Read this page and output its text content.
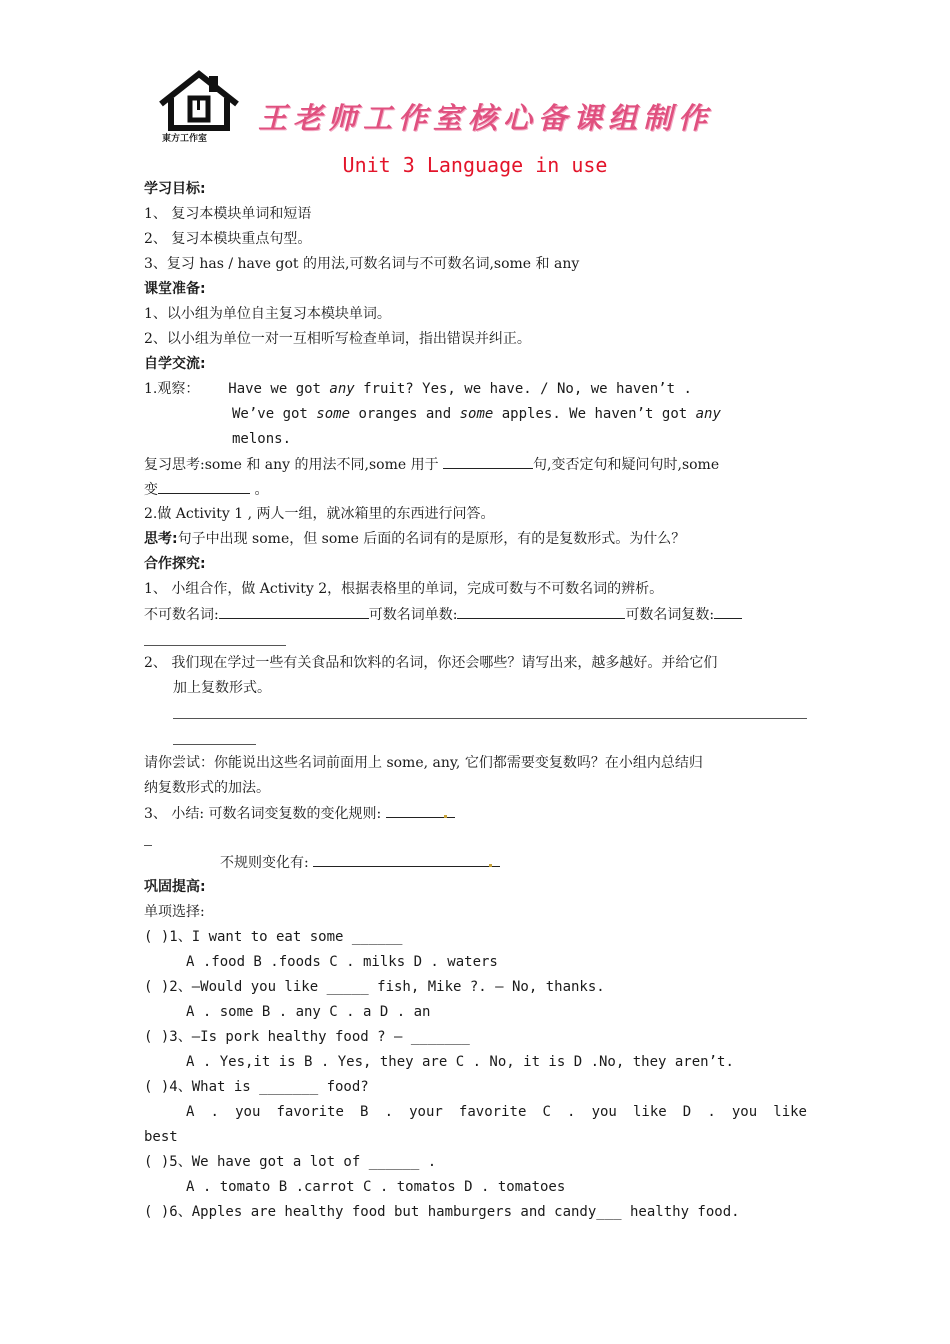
東方工作室
王老师工作室核心备课组制作
Unit 3 Language in use
学习目标:
1、 复习本模块单词和短语
2、 复习本模块重点句型。
3、复习 has / have got 的用法,可数名词与不可数名词,some 和 any
课堂准备:
1、以小组为单位自主复习本模块单词。
2、以小组为单位一对一互相听写检查单词，指出错误并纠正。
自学交流:
1.观察： Have we got any fruit? Yes, we have. / No, we haven’t .
We’ve got some oranges and some apples. We haven’t got any
melons.
复习思考:some 和 any 的用法不同,some 用于	句,变否定句和疑问句时,some
变	。
2.做 Activity 1 , 两人一组，就冰箱里的东西进行问答。
思考:句子中出现 some，但 some 后面的名词有的是原形，有的是复数形式。为什么？
合作探究:
1、 小组合作，做 Activity 2，根据表格里的单词，完成可数与不可数名词的辨析。
不可数名词:	可数名词单数:	可数名词复数:
2、 我们现在学过一些有关食品和饮料的名词，你还会哪些？请写出来，越多越好。并给它们
加上复数形式。
请你尝试：你能说出这些名词前面用上 some, any, 它们都需要变复数吗？在小组内总结归
纳复数形式的加法。
3、 小结: 可数名词变复数的变化规则:
不规则变化有:
巩固提高:
单项选择:
( )1、I want to eat some ______
A .food B .foods C . milks D . waters
( )2、—Would you like _____ fish, Mike ?. — No, thanks.
A . some B . any C . a D . an
( )3、—Is pork healthy food ? — _______
A . Yes,it is B . Yes, they are C . No, it is D .No, they aren’t.
( )4、What is _______ food?
A . you favorite B . your favorite C . you like D . you like
best
( )5、We have got a lot of ______ .
A . tomato B .carrot C . tomatos D . tomatoes
( )6、Apples are healthy food but hamburgers and candy___ healthy food.
